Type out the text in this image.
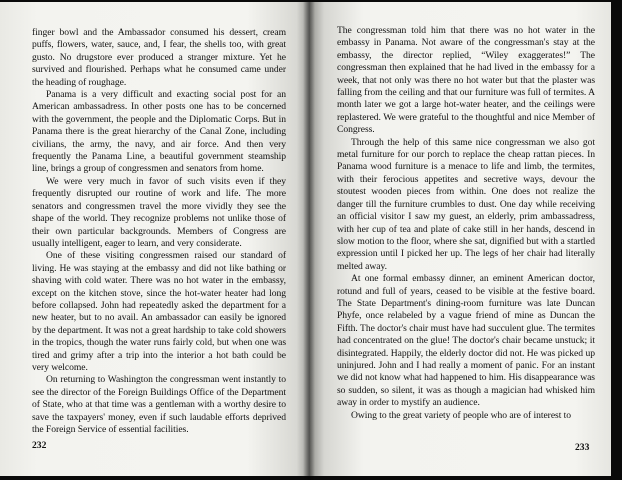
finger bowl and the Ambassador consumed his dessert, cream puffs, flowers, water, sauce, and, I fear, the shells too, with great gusto. No drugstore ever produced a stranger mixture. Yet he survived and flourished. Perhaps what he consumed came under the heading of roughage.

Panama is a very difficult and exacting social post for an American ambassadress. In other posts one has to be concerned with the government, the people and the Diplomatic Corps. But in Panama there is the great hierarchy of the Canal Zone, including civilians, the army, the navy, and air force. And then very frequently the Panama Line, a beautiful government steamship line, brings a group of congressmen and senators from home.

We were very much in favor of such visits even if they frequently disrupted our routine of work and life. The more senators and congressmen travel the more vividly they see the shape of the world. They recognize problems not unlike those of their own particular backgrounds. Members of Congress are usually intelligent, eager to learn, and very considerate.

One of these visiting congressmen raised our standard of living. He was staying at the embassy and did not like bathing or shaving with cold water. There was no hot water in the embassy, except on the kitchen stove, since the hot-water heater had long before collapsed. John had repeatedly asked the department for a new heater, but to no avail. An ambassador can easily be ignored by the department. It was not a great hardship to take cold showers in the tropics, though the water runs fairly cold, but when one was tired and grimy after a trip into the interior a hot bath could be very welcome.

On returning to Washington the congressman went instantly to see the director of the Foreign Buildings Office of the Department of State, who at that time was a gentleman with a worthy desire to save the taxpayers' money, even if such laudable efforts deprived the Foreign Service of essential facilities.

232

The congressman told him that there was no hot water in the embassy in Panama. Not aware of the congressman's stay at the embassy, the director replied, “Wiley exaggerates!” The congressman then explained that he had lived in the embassy for a week, that not only was there no hot water but that the plaster was falling from the ceiling and that our furniture was full of termites. A month later we got a large hot-water heater, and the ceilings were replastered. We were grateful to the thoughtful and nice Member of Congress.

Through the help of this same nice congressman we also got metal furniture for our porch to replace the cheap rattan pieces. In Panama wood furniture is a menace to life and limb, the termites, with their ferocious appetites and secretive ways, devour the stoutest wooden pieces from within. One does not realize the danger till the furniture crumbles to dust. One day while receiving an official visitor I saw my guest, an elderly, prim ambassadress, with her cup of tea and plate of cake still in her hands, descend in slow motion to the floor, where she sat, dignified but with a startled expression until I picked her up. The legs of her chair had literally melted away.

At one formal embassy dinner, an eminent American doctor, rotund and full of years, ceased to be visible at the festive board. The State Department's dining-room furniture was late Duncan Phyfe, once relabeled by a vague friend of mine as Duncan the Fifth. The doctor's chair must have had succulent glue. The termites had concentrated on the glue! The doctor's chair became unstuck; it disintegrated. Happily, the elderly doctor did not. He was picked up uninjured. John and I had really a moment of panic. For an instant we did not know what had happened to him. His disappearance was so sudden, so silent, it was as though a magician had whisked him away in order to mystify an audience.

Owing to the great variety of people who are of interest to

233
